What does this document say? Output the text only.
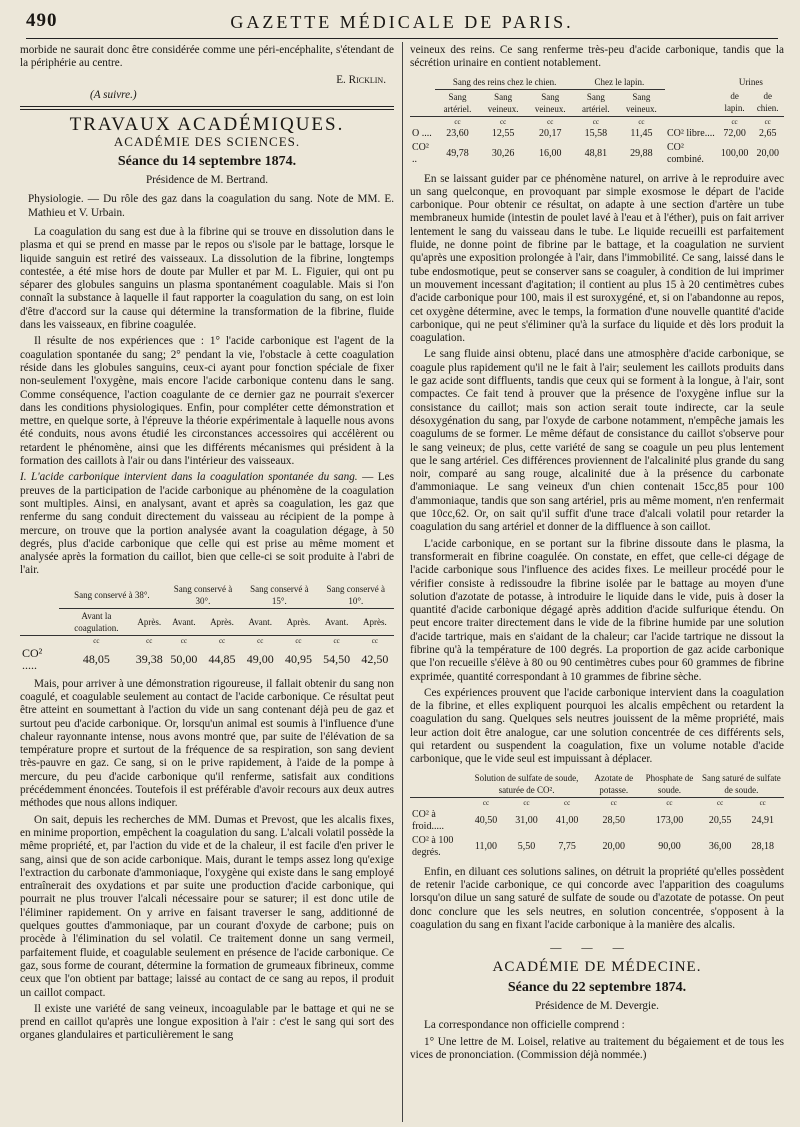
490	GAZETTE MÉDICALE DE PARIS.

morbide ne saurait donc être considérée comme une péri-encéphalite, s'étendant de la périphérie au centre.

E. Ricklin.
(A suivre.)
TRAVAUX ACADÉMIQUES.
ACADÉMIE DES SCIENCES.
Séance du 14 septembre 1874.
Présidence de M. Bertrand.

Physiologie. — Du rôle des gaz dans la coagulation du sang. Note de MM. E. Mathieu et V. Urbain.

La coagulation du sang est due à la fibrine qui se trouve en dissolution dans le plasma et qui se prend en masse par le repos ou s'isole par le battage, lorsque le liquide sanguin est retiré des vaisseaux. La dissolution de la fibrine, longtemps contestée, a été mise hors de doute par Muller et par M. L. Figuier, qui ont pu séparer des globules sanguins un plasma spontanément coagulable. Mais si l'on connaît la substance à laquelle il faut rapporter la coagulation du sang, on est loin d'être d'accord sur la cause qui détermine la transformation de la fibrine, fluide dans les vaisseaux, en fibrine coagulée.

Il résulte de nos expériences que : 1° l'acide carbonique est l'agent de la coagulation spontanée du sang; 2° pendant la vie, l'obstacle à cette coagulation réside dans les globules sanguins, ceux-ci ayant pour fonction spéciale de fixer non-seulement l'oxygène, mais encore l'acide carbonique contenu dans le sang. Comme conséquence, l'action coagulante de ce dernier gaz ne pourrait s'exercer dans les conditions physiologiques. Enfin, pour compléter cette démonstration et mettre, en quelque sorte, à l'épreuve la théorie expérimentale à laquelle nous avons été conduits, nous avons étudié les circonstances accessoires qui accélèrent ou retardent le phénomène, ainsi que les différents mécanismes qui président à la formation des caillots à l'air ou dans l'intérieur des vaisseaux.

I. L'acide carbonique intervient dans la coagulation spontanée du sang. — Les preuves de la participation de l'acide carbonique au phénomène de la coagulation sont multiples. Ainsi, en analysant, avant et après sa coagulation, les gaz que renferme du sang conduit directement du vaisseau au récipient de la pompe à mercure, on trouve que la portion analysée avant la coagulation dégage, à 50 degrés, plus d'acide carbonique que celle qui est prise au même moment et analysée après la formation du caillot, bien que celle-ci se soit produite à l'abri de l'air.

	Sang conservé à 38°.		Sang conservé à 30°.		Sang conservé à 15°.		Sang conservé à 10°.	
	Avant la coagulation.	Après.	Avant.	Après.	Avant.	Après.	Avant.	Après.
	cc	cc	cc	cc	cc	cc	cc	cc
CO² .....	48,05	39,38	50,00	44,85	49,00	40,95	54,50	42,50

Mais, pour arriver à une démonstration rigoureuse, il fallait obtenir du sang non coagulé, et coagulable seulement au contact de l'acide carbonique. Ce résultat peut être atteint en soumettant à l'action du vide un sang contenant déjà peu de gaz et surtout peu d'acide carbonique. Or, lorsqu'un animal est soumis à l'influence d'une chaleur rayonnante intense, nous avons montré que, par suite de l'élévation de sa température propre et surtout de la fréquence de sa respiration, son sang devient très-pauvre en gaz. Ce sang, si on le prive rapidement, à l'aide de la pompe à mercure, du peu d'acide carbonique qu'il renferme, satisfait aux conditions précédemment énoncées. Toutefois il est préférable d'avoir recours aux deux autres méthodes que nous allons indiquer.

On sait, depuis les recherches de MM. Dumas et Prevost, que les alcalis fixes, en minime proportion, empêchent la coagulation du sang. L'alcali volatil possède la même propriété, et, par l'action du vide et de la chaleur, il est facile d'en priver le sang, ainsi que de son acide carbonique. Mais, durant le temps assez long qu'exige l'extraction du carbonate d'ammoniaque, l'oxygène qui existe dans le sang employé entraînerait des oxydations et par suite une production d'acide carbonique, qui pourrait ne plus trouver l'alcali nécessaire pour se saturer; il est donc utile de l'éliminer rapidement. On y arrive en faisant traverser le sang, additionné de quelques gouttes d'ammoniaque, par un courant d'oxyde de carbone; puis on procède à l'élimination du sel volatil. Ce traitement donne un sang vermeil, parfaitement fluide, et coagulable seulement en présence de l'acide carbonique. Ce gaz, sous forme de courant, détermine la formation de grumeaux fibrineux, comme ceux que l'on obtient par battage; laissé au contact de ce sang au repos, il produit un caillot compact.

Il existe une variété de sang veineux, incoagulable par le battage et qui ne se prend en caillot qu'après une longue exposition à l'air : c'est le sang qui sort des organes glandulaires et particulièrement le sang

veineux des reins. Ce sang renferme très-peu d'acide carbonique, tandis que la sécrétion urinaire en contient notablement.

	Sang des reins chez le chien.			Chez le lapin.			Urines	
	Sang artériel.	Sang veineux.	Sang veineux.	Sang artériel.	Sang veineux.		de lapin.	de chien.
	cc	cc	cc	cc	cc		cc	cc
O ....	23,60	12,55	20,17	15,58	11,45	CO² libre....	72,00	2,65
CO² ..	49,78	30,26	16,00	48,81	29,88	CO² combiné.	100,00	20,00

En se laissant guider par ce phénomène naturel, on arrive à le reproduire avec un sang quelconque, en provoquant par simple exosmose le départ de l'acide carbonique. Pour obtenir ce résultat, on adapte à une section d'artère un tube membraneux humide (intestin de poulet lavé à l'eau et à l'éther), puis on fait arriver lentement le sang du vaisseau dans le tube. Le liquide recueilli est parfaitement fluide, ne donne point de fibrine par le battage, et la coagulation ne survient qu'après une exposition prolongée à l'air, dans l'immobilité. Ce sang, laissé dans le tube endosmotique, peut se conserver sans se coaguler, à condition de lui imprimer un mouvement incessant d'agitation; il contient au plus 15 à 20 centimètres cubes d'acide carbonique pour 100, mais il est suroxygéné, et, si on l'abandonne au repos, cet oxygène détermine, avec le temps, la formation d'une nouvelle quantité d'acide carbonique, qui ne peut s'éliminer qu'à la surface du liquide et dès lors produit la coagulation.

Le sang fluide ainsi obtenu, placé dans une atmosphère d'acide carbonique, se coagule plus rapidement qu'il ne le fait à l'air; seulement les caillots produits dans le gaz acide sont diffluents, tandis que ceux qui se forment à la longue, à l'air, sont compactes. Ce fait tend à prouver que la présence de l'oxygène influe sur la consistance du caillot; mais son action serait toute indirecte, car la seule désoxygénation du sang, par l'oxyde de carbone notamment, n'empêche jamais les coagulums de se former. Le même défaut de consistance du caillot s'observe pour le sang veineux; de plus, cette variété de sang se coagule un peu plus lentement que le sang artériel. Ces différences proviennent de l'alcalinité plus grande du sang noir, comparé au sang rouge, alcalinité due à la présence du carbonate d'ammoniaque. Le sang veineux d'un chien contenait 15cc,85 pour 100 d'ammoniaque, tandis que son sang artériel, pris au même moment, n'en renfermait que 10cc,62. Or, on sait qu'il suffit d'une trace d'alcali volatil pour retarder la coagulation du sang artériel et donner de la diffluence à son caillot.

L'acide carbonique, en se portant sur la fibrine dissoute dans le plasma, la transformerait en fibrine coagulée. On constate, en effet, que celle-ci dégage de l'acide carbonique sous l'influence des acides fixes. Le meilleur procédé pour le vérifier consiste à redissoudre la fibrine isolée par le battage au moyen d'une solution d'azotate de potasse, à introduire le liquide dans le vide, puis à doser la quantité d'acide carbonique dégagé après addition d'acide sulfurique étendu. On peut encore traiter directement dans le vide de la fibrine humide par une solution d'acide tartrique, mais en s'aidant de la chaleur; car l'acide tartrique ne dissout la fibrine qu'à la température de 100 degrés. La proportion de gaz acide carbonique que l'on recueille s'élève à 80 ou 90 centimètres cubes pour 60 grammes de fibrine exprimée, quantité correspondant à 10 grammes de fibrine sèche.

Ces expériences prouvent que l'acide carbonique intervient dans la coagulation de la fibrine, et elles expliquent pourquoi les alcalis empêchent ou retardent la coagulation du sang. Quelques sels neutres jouissent de la même propriété, mais leur action doit être analogue, car une solution concentrée de ces différents sels, qui retardent ou suspendent la coagulation, fixe un volume notable d'acide carbonique, que le vide seul est impuissant à déplacer.

	Solution de sulfate de soude, saturée de CO².			Azotate de potasse.	Phosphate de soude.	Sang saturé de sulfate de soude.	
	cc	cc	cc	cc	cc	cc	cc
CO² à froid.....	40,50	31,00	41,00	28,50	173,00	20,55	24,91
CO² à 100 degrés.	11,00	5,50	7,75	20,00	90,00	36,00	28,18

Enfin, en diluant ces solutions salines, on détruit la propriété qu'elles possèdent de retenir l'acide carbonique, ce qui concorde avec l'apparition des coagulums lorsqu'on dilue un sang saturé de sulfate de soude ou d'azotate de potasse. On peut donc conclure que les sels neutres, en solution concentrée, s'opposent à la coagulation du sang en fixant l'acide carbonique à la manière des alcalis.

———
ACADÉMIE DE MÉDECINE.
Séance du 22 septembre 1874.
Présidence de M. Devergie.

La correspondance non officielle comprend :

1° Une lettre de M. Loisel, relative au traitement du bégaiement et de tous les vices de prononciation. (Commission déjà nommée.)
